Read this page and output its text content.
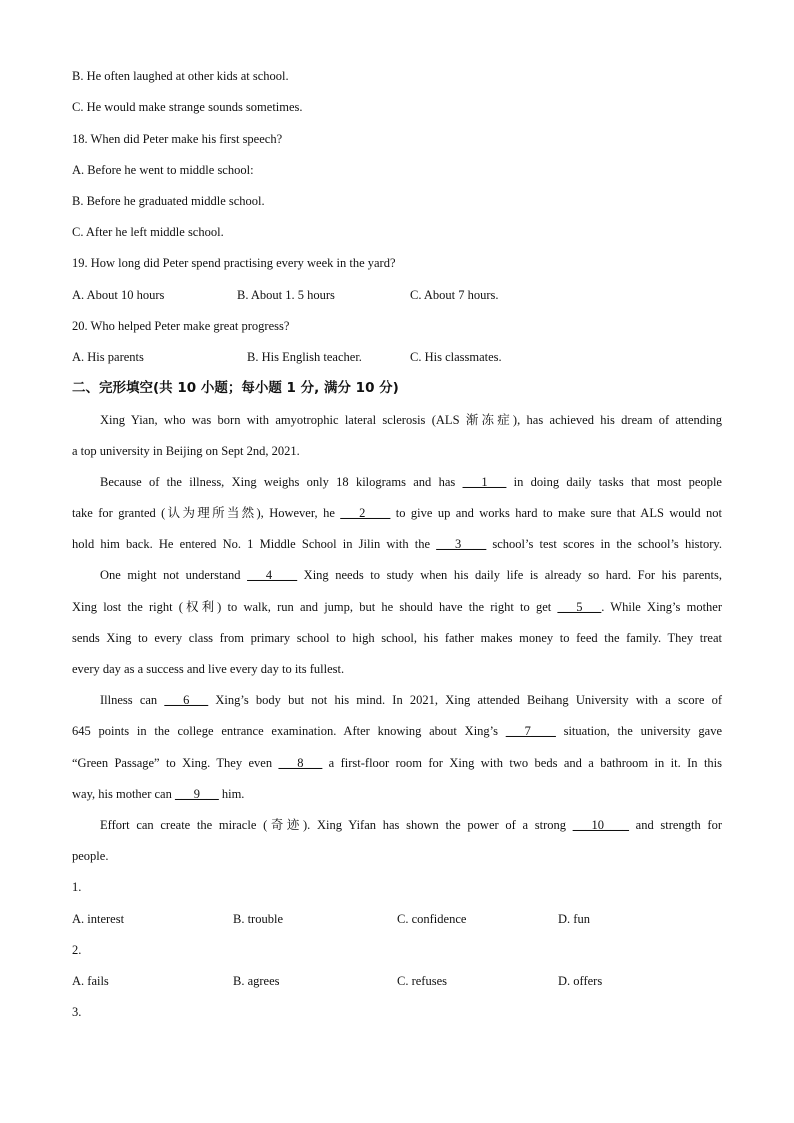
B. He often laughed at other kids at school.
C. He would make strange sounds sometimes.
18. When did Peter make his first speech?
A. Before he went to middle school:
B. Before he graduated middle school.
C. After he left middle school.
19. How long did Peter spend practising every week in the yard?
A. About 10 hours	B. About 1. 5 hours	C. About 7 hours.
20. Who helped Peter make great progress?
A. His parents	B. His English teacher.	C. His classmates.
二、完形填空(共 10 小题；每小题 1 分, 满分 10 分)
Xing Yian, who was born with amyotrophic lateral sclerosis (ALS 渐冻症), has achieved his dream of attending
a top university in Beijing on Sept 2nd, 2021.
Because of the illness, Xing weighs only 18 kilograms and has ___1___ in doing daily tasks that most people
take for granted (认为理所当然), However, he ___2____ to give up and works hard to make sure that ALS would not
hold him back. He entered No. 1 Middle School in Jilin with the ___3____ school’s test scores in the school’s history.
One might not understand ___4____ Xing needs to study when his daily life is already so hard. For his parents,
Xing lost the right (权利) to walk, run and jump, but he should have the right to get ___5___. While Xing’s mother
sends Xing to every class from primary school to high school, his father makes money to feed the family. They treat
every day as a success and live every day to its fullest.
Illness can ___6___ Xing’s body but not his mind. In 2021, Xing attended Beihang University with a score of
645 points in the college entrance examination. After knowing about Xing’s ___7____ situation, the university gave
“Green Passage” to Xing. They even ___8___ a first-floor room for Xing with two beds and a bathroom in it. In this
way, his mother can ___9___ him.
Effort can create the miracle (奇迹). Xing Yifan has shown the power of a strong ___10____ and strength for
people.
1.
A. interest	B. trouble	C. confidence	D. fun
2.
A. fails	B. agrees	C. refuses	D. offers
3.
